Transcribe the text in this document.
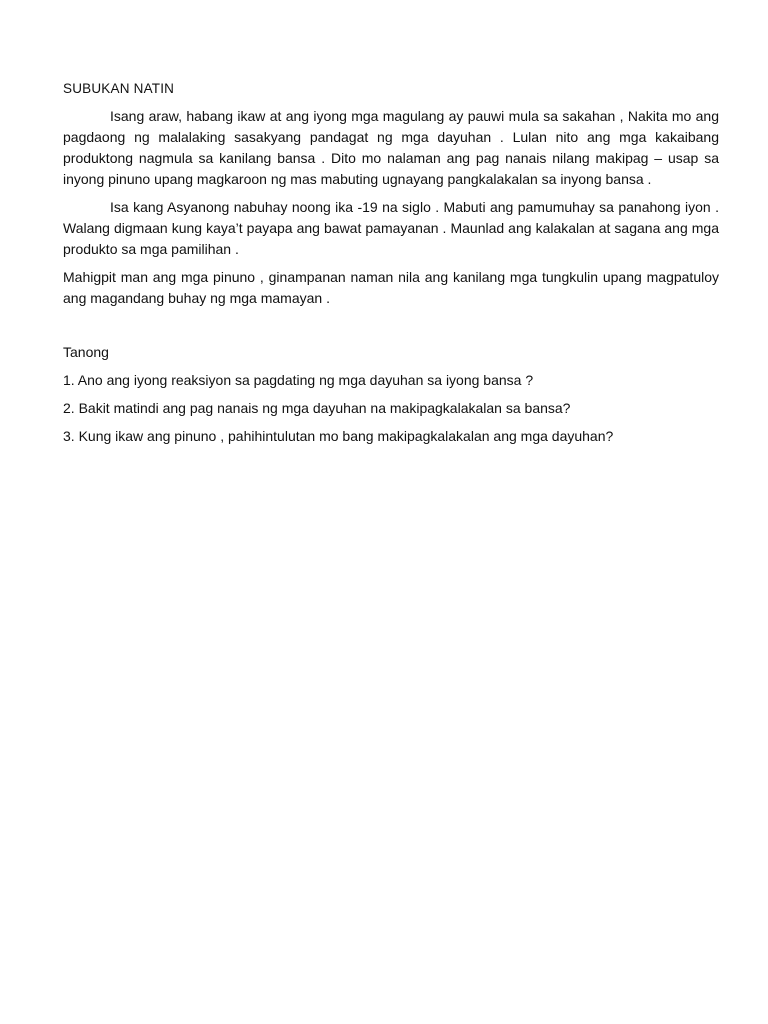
SUBUKAN NATIN

Isang araw, habang ikaw at ang iyong mga magulang ay pauwi mula sa sakahan , Nakita mo ang pagdaong ng malalaking sasakyang pandagat ng mga dayuhan . Lulan nito ang mga kakaibang produktong nagmula sa kanilang bansa . Dito mo nalaman ang pag nanais nilang makipag – usap sa inyong pinuno upang magkaroon ng mas mabuting ugnayang pangkalakalan sa inyong bansa .

Isa kang Asyanong nabuhay noong ika -19 na siglo . Mabuti ang pamumuhay sa panahong iyon . Walang digmaan kung kaya’t payapa ang bawat pamayanan . Maunlad ang kalakalan at sagana ang mga produkto sa mga pamilihan .

Mahigpit man ang mga pinuno , ginampanan naman nila ang kanilang mga tungkulin upang magpatuloy ang magandang buhay ng mga mamayan .

Tanong
1. Ano ang iyong reaksiyon sa pagdating ng mga dayuhan sa iyong bansa ?
2. Bakit matindi ang pag nanais ng mga dayuhan na makipagkalakalan sa bansa?
3. Kung ikaw ang pinuno , pahihintulutan mo bang makipagkalakalan ang mga dayuhan?
